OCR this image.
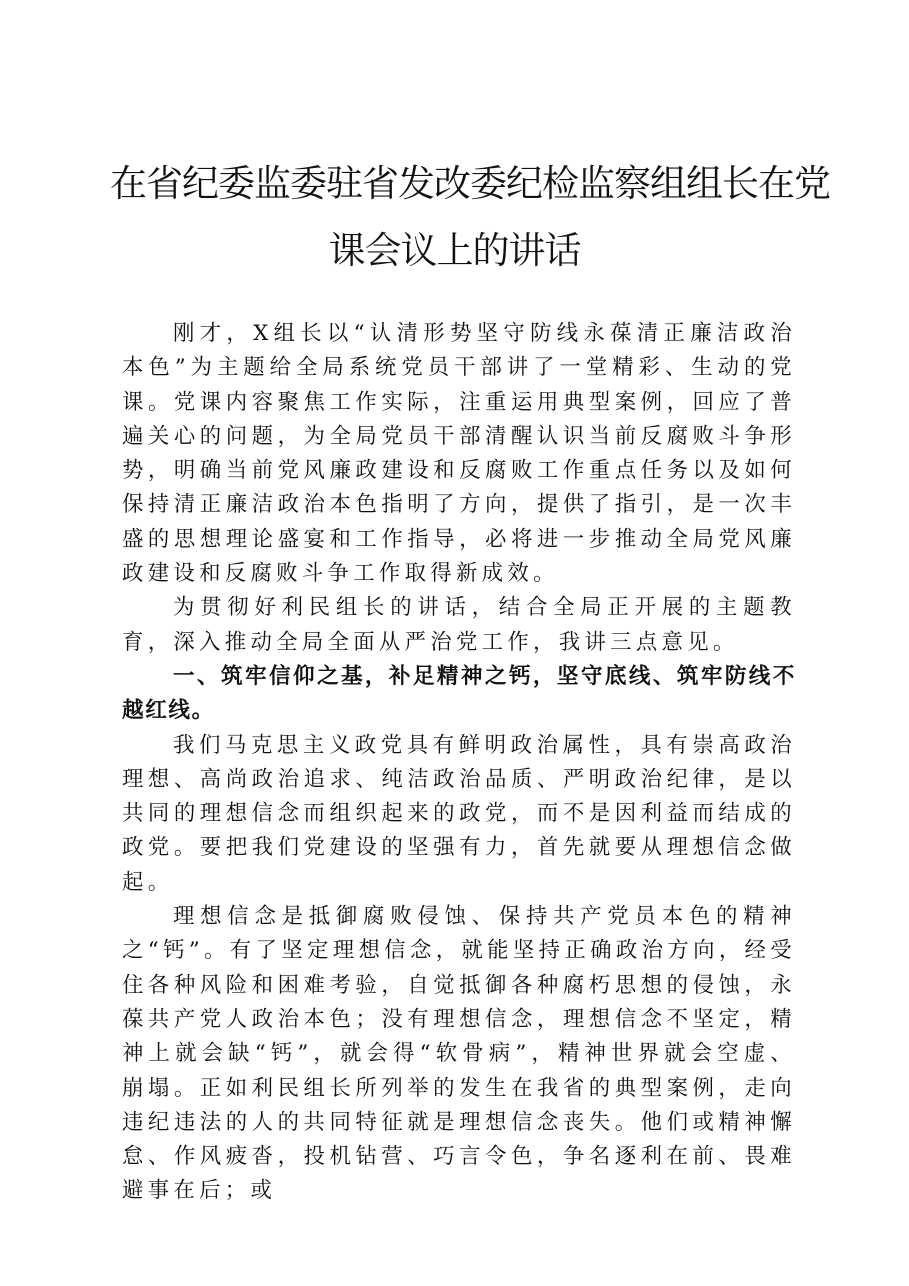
在省纪委监委驻省发改委纪检监察组组长在党
课会议上的讲话

刚才，X组长以“认清形势坚守防线永葆清正廉洁政治本色”为主题给全局系统党员干部讲了一堂精彩、生动的党课。党课内容聚焦工作实际，注重运用典型案例，回应了普遍关心的问题，为全局党员干部清醒认识当前反腐败斗争形势，明确当前党风廉政建设和反腐败工作重点任务以及如何保持清正廉洁政治本色指明了方向，提供了指引，是一次丰盛的思想理论盛宴和工作指导，必将进一步推动全局党风廉政建设和反腐败斗争工作取得新成效。

为贯彻好利民组长的讲话，结合全局正开展的主题教育，深入推动全局全面从严治党工作，我讲三点意见。

一、筑牢信仰之基，补足精神之钙，坚守底线、筑牢防线不越红线。

我们马克思主义政党具有鲜明政治属性，具有崇高政治理想、高尚政治追求、纯洁政治品质、严明政治纪律，是以共同的理想信念而组织起来的政党，而不是因利益而结成的政党。要把我们党建设的坚强有力，首先就要从理想信念做起。

理想信念是抵御腐败侵蚀、保持共产党员本色的精神之“钙”。有了坚定理想信念，就能坚持正确政治方向，经受住各种风险和困难考验，自觉抵御各种腐朽思想的侵蚀，永葆共产党人政治本色；没有理想信念，理想信念不坚定，精神上就会缺“钙”，就会得“软骨病”，精神世界就会空虚、崩塌。正如利民组长所列举的发生在我省的典型案例，走向违纪违法的人的共同特征就是理想信念丧失。他们或精神懈怠、作风疲沓，投机钻营、巧言令色，争名逐利在前、畏难避事在后；或
